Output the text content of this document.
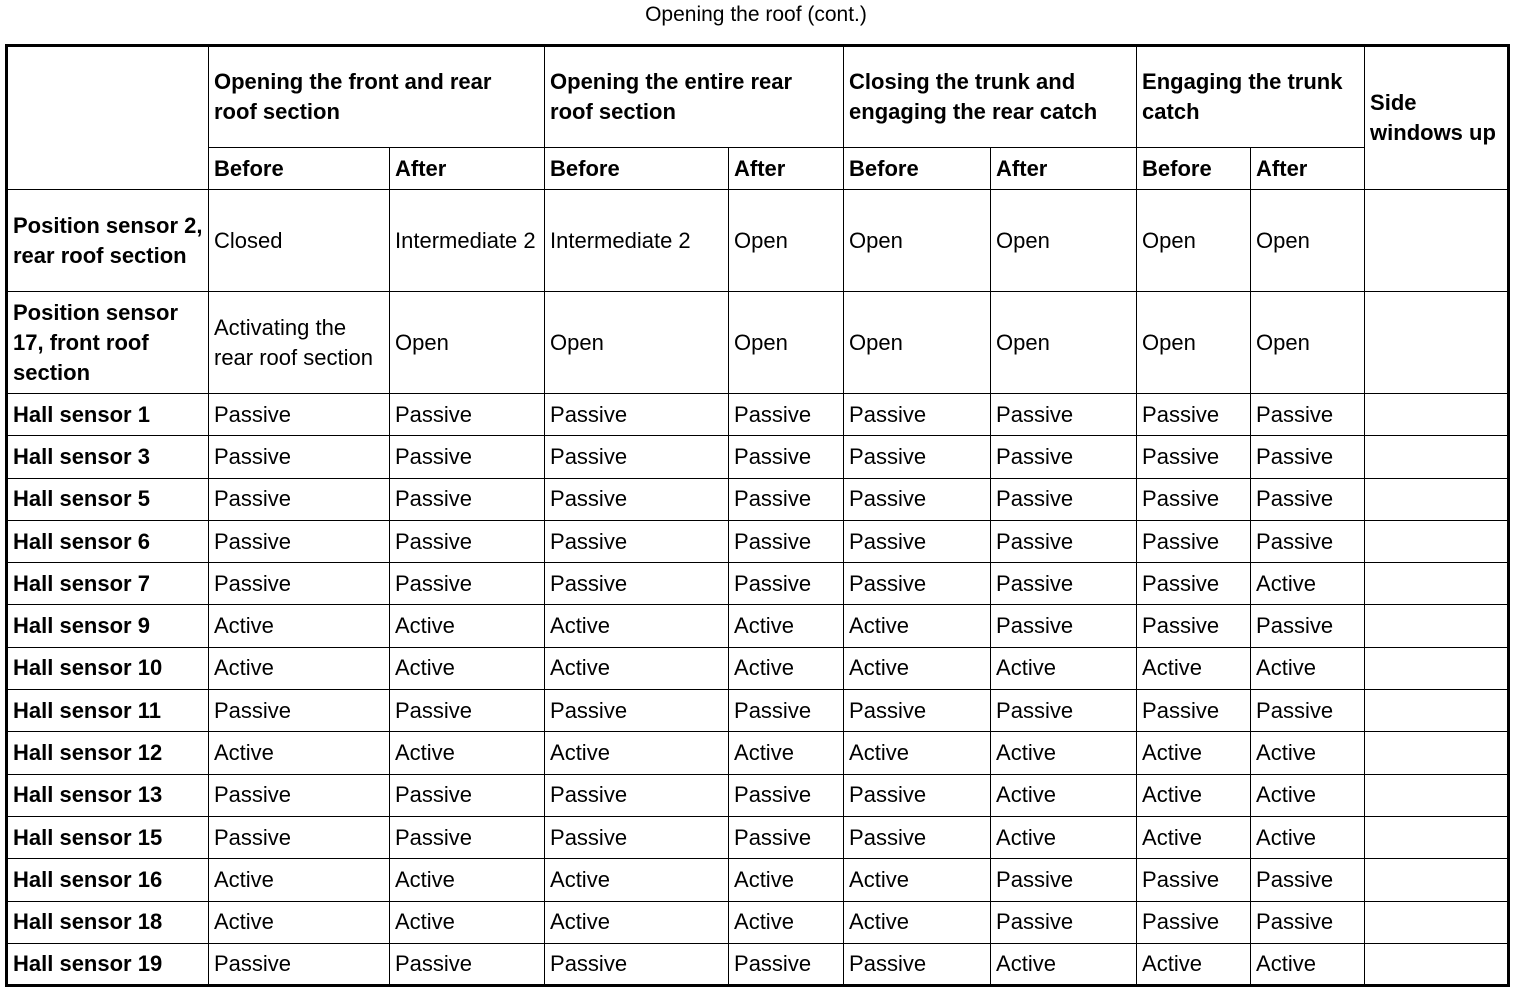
Opening the roof (cont.)
	Opening the front and rear roof section		Opening the entire rear roof section		Closing the trunk and engaging the rear catch		Engaging the trunk catch		Side windows up
	Before	After	Before	After	Before	After	Before	After	
Position sensor 2, rear roof section	Closed	Intermediate 2	Intermediate 2	Open	Open	Open	Open	Open	
Position sensor 17, front roof section	Activating the rear roof section	Open	Open	Open	Open	Open	Open	Open	
Hall sensor 1	Passive	Passive	Passive	Passive	Passive	Passive	Passive	Passive	
Hall sensor 3	Passive	Passive	Passive	Passive	Passive	Passive	Passive	Passive	
Hall sensor 5	Passive	Passive	Passive	Passive	Passive	Passive	Passive	Passive	
Hall sensor 6	Passive	Passive	Passive	Passive	Passive	Passive	Passive	Passive	
Hall sensor 7	Passive	Passive	Passive	Passive	Passive	Passive	Passive	Active	
Hall sensor 9	Active	Active	Active	Active	Active	Passive	Passive	Passive	
Hall sensor 10	Active	Active	Active	Active	Active	Active	Active	Active	
Hall sensor 11	Passive	Passive	Passive	Passive	Passive	Passive	Passive	Passive	
Hall sensor 12	Active	Active	Active	Active	Active	Active	Active	Active	
Hall sensor 13	Passive	Passive	Passive	Passive	Passive	Active	Active	Active	
Hall sensor 15	Passive	Passive	Passive	Passive	Passive	Active	Active	Active	
Hall sensor 16	Active	Active	Active	Active	Active	Passive	Passive	Passive	
Hall sensor 18	Active	Active	Active	Active	Active	Passive	Passive	Passive	
Hall sensor 19	Passive	Passive	Passive	Passive	Passive	Active	Active	Active	
